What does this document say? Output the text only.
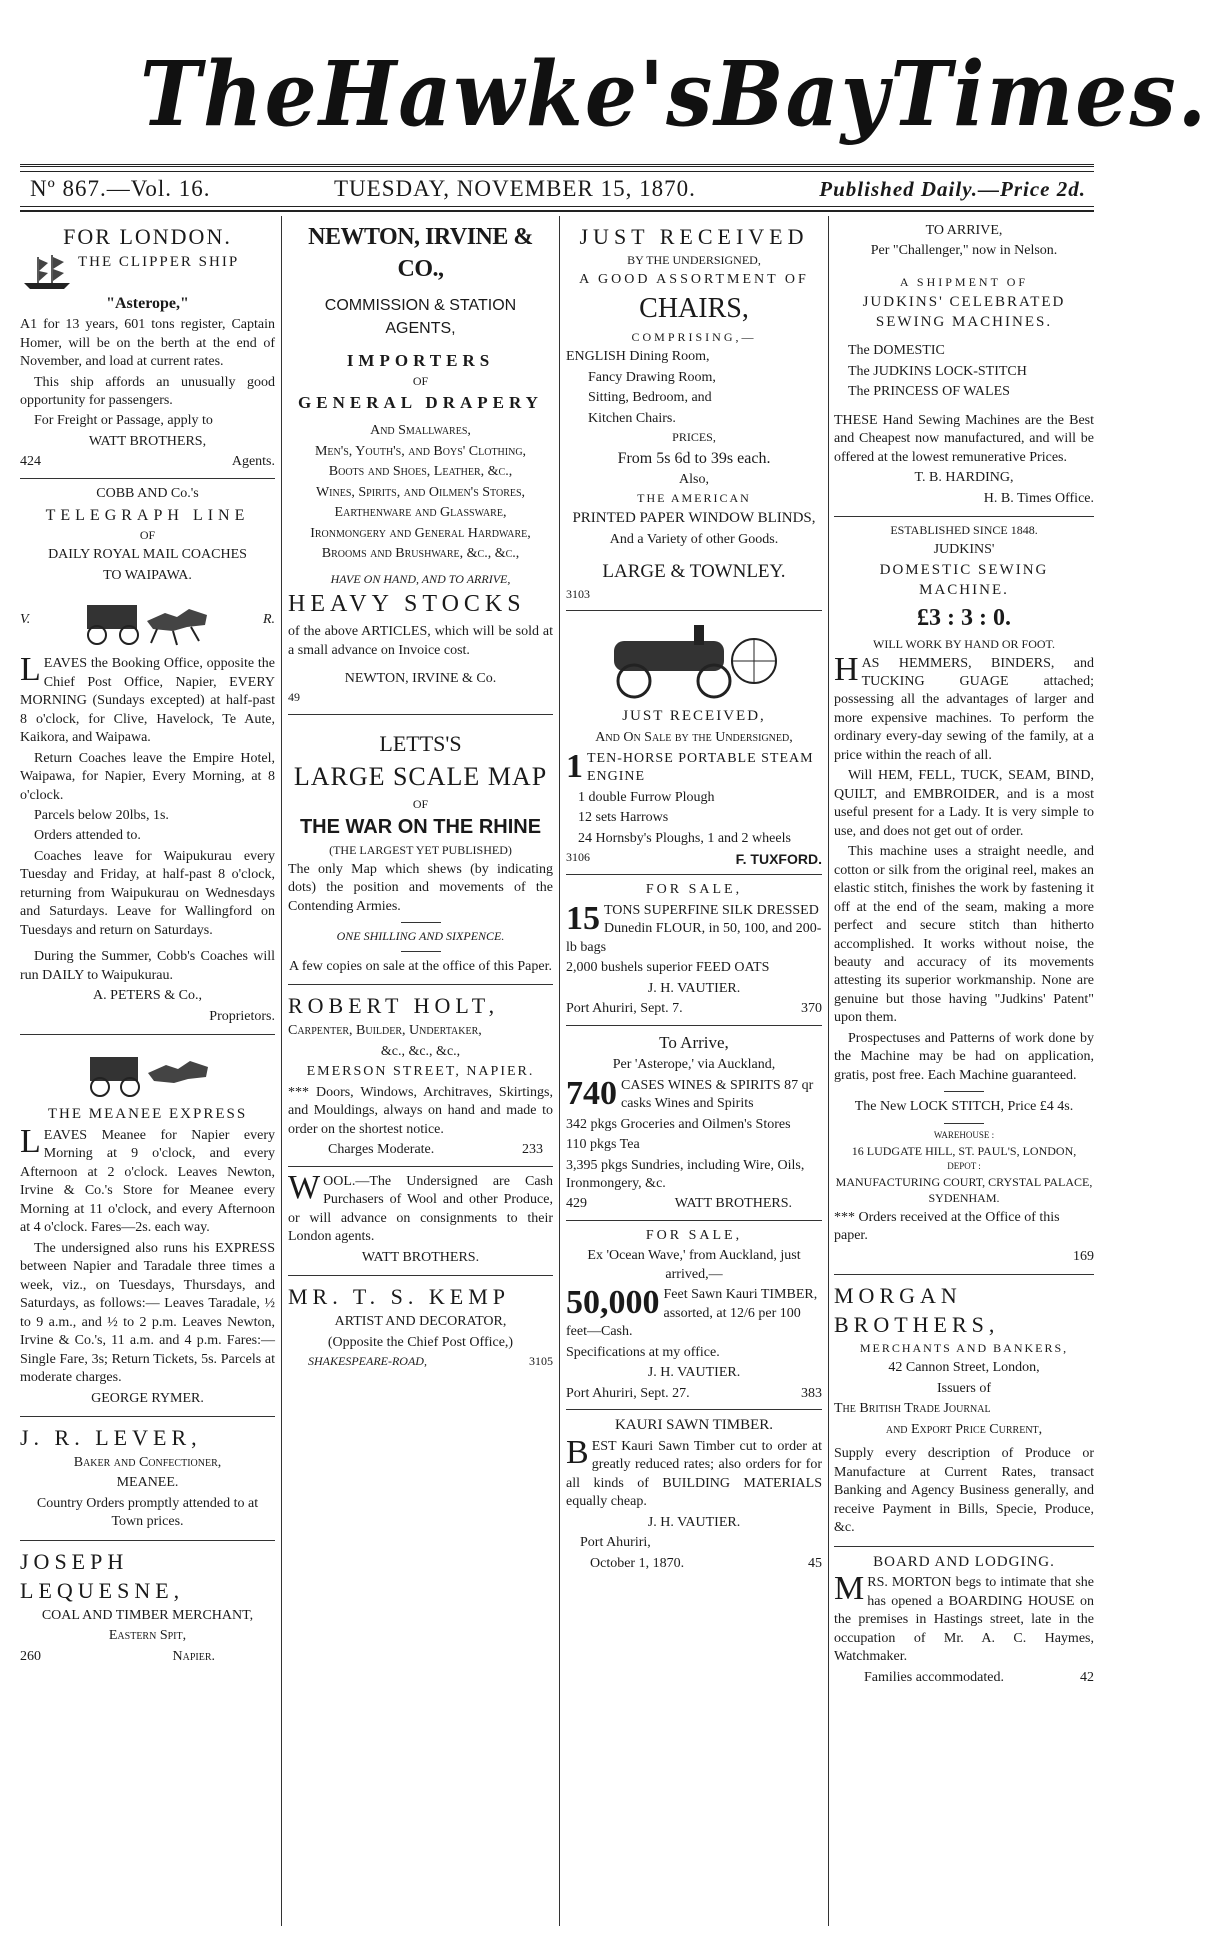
The Hawke's Bay Times.
Nº 867.—Vol. 16.	TUESDAY, NOVEMBER 15, 1870.	Published Daily.—Price 2d.

FOR LONDON.

THE CLIPPER SHIP

"Asterope,"

A1 for 13 years, 601 tons register, Captain Homer, will be on the berth at the end of November, and load at current rates.

This ship affords an unusually good opportunity for passengers.

For Freight or Passage, apply to

WATT BROTHERS,

424	Agents.

COBB AND Co.'s

TELEGRAPH LINE

OF

DAILY ROYAL MAIL COACHES

TO WAIPAWA.

V.	R.

LEAVES the Booking Office, opposite the Chief Post Office, Napier, EVERY MORNING (Sundays excepted) at half-past 8 o'clock, for Clive, Havelock, Te Aute, Kaikora, and Waipawa.

Return Coaches leave the Empire Hotel, Waipawa, for Napier, Every Morning, at 8 o'clock.

Parcels below 20lbs, 1s.

Orders attended to.

Coaches leave for Waipukurau every Tuesday and Friday, at half-past 8 o'clock, returning from Waipukurau on Wednesdays and Saturdays. Leave for Wallingford on Tuesdays and return on Saturdays.

During the Summer, Cobb's Coaches will run DAILY to Waipukurau.

A. PETERS & Co.,

Proprietors.

THE MEANEE EXPRESS

LEAVES Meanee for Napier every Morning at 9 o'clock, and every Afternoon at 2 o'clock. Leaves Newton, Irvine & Co.'s Store for Meanee every Morning at 11 o'clock, and every Afternoon at 4 o'clock. Fares—2s. each way.

The undersigned also runs his EXPRESS between Napier and Taradale three times a week, viz., on Tuesdays, Thursdays, and Saturdays, as follows:— Leaves Taradale, ½ to 9 a.m., and ½ to 2 p.m. Leaves Newton, Irvine & Co.'s, 11 a.m. and 4 p.m. Fares:—Single Fare, 3s; Return Tickets, 5s. Parcels at moderate charges.

GEORGE RYMER.

J. R. LEVER,

Baker and Confectioner,

MEANEE.

Country Orders promptly attended to at Town prices.

JOSEPH LEQUESNE,

COAL AND TIMBER MERCHANT,

Eastern Spit,

260	Napier.

NEWTON, IRVINE & CO.,

COMMISSION & STATION

AGENTS,

IMPORTERS

OF

GENERAL DRAPERY

And Smallwares,

Men's, Youth's, and Boys' Clothing,

Boots and Shoes, Leather, &c.,

Wines, Spirits, and Oilmen's Stores,

Earthenware and Glassware,

Ironmongery and General Hardware,

Brooms and Brushware, &c., &c.,

HAVE ON HAND, AND TO ARRIVE,

HEAVY STOCKS

of the above ARTICLES, which will be sold at a small advance on Invoice cost.

NEWTON, IRVINE & Co.

49

LETTS'S

LARGE SCALE MAP

OF

THE WAR ON THE RHINE

(THE LARGEST YET PUBLISHED)

The only Map which shews (by indicating dots) the position and movements of the Contending Armies.

ONE SHILLING AND SIXPENCE.

A few copies on sale at the office of this Paper.

ROBERT HOLT,

Carpenter, Builder, Undertaker,

&c., &c., &c.,

EMERSON STREET, NAPIER.

*** Doors, Windows, Architraves, Skirtings, and Mouldings, always on hand and made to order on the shortest notice.

Charges Moderate.	233

WOOL.—The Undersigned are Cash Purchasers of Wool and other Produce, or will advance on consignments to their London agents.

WATT BROTHERS.

MR. T. S. KEMP

ARTIST AND DECORATOR,

(Opposite the Chief Post Office,)

SHAKESPEARE-ROAD,	3105

JUST RECEIVED

BY THE UNDERSIGNED,

A GOOD ASSORTMENT OF

CHAIRS,

COMPRISING,—

ENGLISH Dining Room,

Fancy Drawing Room,

Sitting, Bedroom, and

Kitchen Chairs.

PRICES,

From 5s 6d to 39s each.

Also,

THE AMERICAN

PRINTED PAPER WINDOW BLINDS,

And a Variety of other Goods.

LARGE & TOWNLEY.

3103

JUST RECEIVED,

And On Sale by the Undersigned,

1 TEN-HORSE PORTABLE STEAM ENGINE

1 double Furrow Plough

12 sets Harrows

24 Hornsby's Ploughs, 1 and 2 wheels

3106	F. TUXFORD.

FOR SALE,

15 TONS SUPERFINE SILK DRESSED Dunedin FLOUR, in 50, 100, and 200-lb bags

2,000 bushels superior FEED OATS

J. H. VAUTIER.

Port Ahuriri, Sept. 7.	370

To Arrive,

Per 'Asterope,' via Auckland,

740 CASES WINES & SPIRITS 87 qr casks Wines and Spirits

342 pkgs Groceries and Oilmen's Stores

110 pkgs Tea

3,395 pkgs Sundries, including Wire, Oils, Ironmongery, &c.

429	WATT BROTHERS.

FOR SALE,

Ex 'Ocean Wave,' from Auckland, just arrived,—

50,000 Feet Sawn Kauri TIMBER, assorted, at 12/6 per 100 feet—Cash.

Specifications at my office.

J. H. VAUTIER.

Port Ahuriri, Sept. 27.	383

KAURI SAWN TIMBER.

BEST Kauri Sawn Timber cut to order at greatly reduced rates; also orders for for all kinds of BUILDING MATERIALS equally cheap.

J. H. VAUTIER.

Port Ahuriri,

October 1, 1870.	45

TO ARRIVE,

Per "Challenger," now in Nelson.

A SHIPMENT OF

JUDKINS' CELEBRATED SEWING MACHINES.

The DOMESTIC

The JUDKINS LOCK-STITCH

The PRINCESS OF WALES

THESE Hand Sewing Machines are the Best and Cheapest now manufactured, and will be offered at the lowest remunerative Prices.

T. B. HARDING,

H. B. Times Office.

ESTABLISHED SINCE 1848.

JUDKINS'

DOMESTIC SEWING MACHINE.

£3 : 3 : 0.

WILL WORK BY HAND OR FOOT.

HAS HEMMERS, BINDERS, and TUCKING GUAGE attached; possessing all the advantages of larger and more expensive machines. To perform the ordinary every-day sewing of the family, at a price within the reach of all.

Will HEM, FELL, TUCK, SEAM, BIND, QUILT, and EMBROIDER, and is a most useful present for a Lady. It is very simple to use, and does not get out of order.

This machine uses a straight needle, and cotton or silk from the original reel, makes an elastic stitch, finishes the work by fastening it off at the end of the seam, making a more perfect and secure stitch than hitherto accomplished. It works without noise, the beauty and accuracy of its movements attesting its superior workmanship. None are genuine but those having "Judkins' Patent" upon them.

Prospectuses and Patterns of work done by the Machine may be had on application, gratis, post free. Each Machine guaranteed.

The New LOCK STITCH, Price £4 4s.

WAREHOUSE :

16 LUDGATE HILL, ST. PAUL'S, LONDON,

DEPOT :

MANUFACTURING COURT, CRYSTAL PALACE, SYDENHAM.

*** Orders received at the Office of this paper.

169

MORGAN BROTHERS,

MERCHANTS AND BANKERS,

42 Cannon Street, London,

Issuers of

The British Trade Journal

and Export Price Current,

Supply every description of Produce or Manufacture at Current Rates, transact Banking and Agency Business generally, and receive Payment in Bills, Specie, Produce, &c.

BOARD AND LODGING.

MRS. MORTON begs to intimate that she has opened a BOARDING HOUSE on the premises in Hastings street, late in the occupation of Mr. A. C. Haymes, Watchmaker.

Families accommodated.	42
